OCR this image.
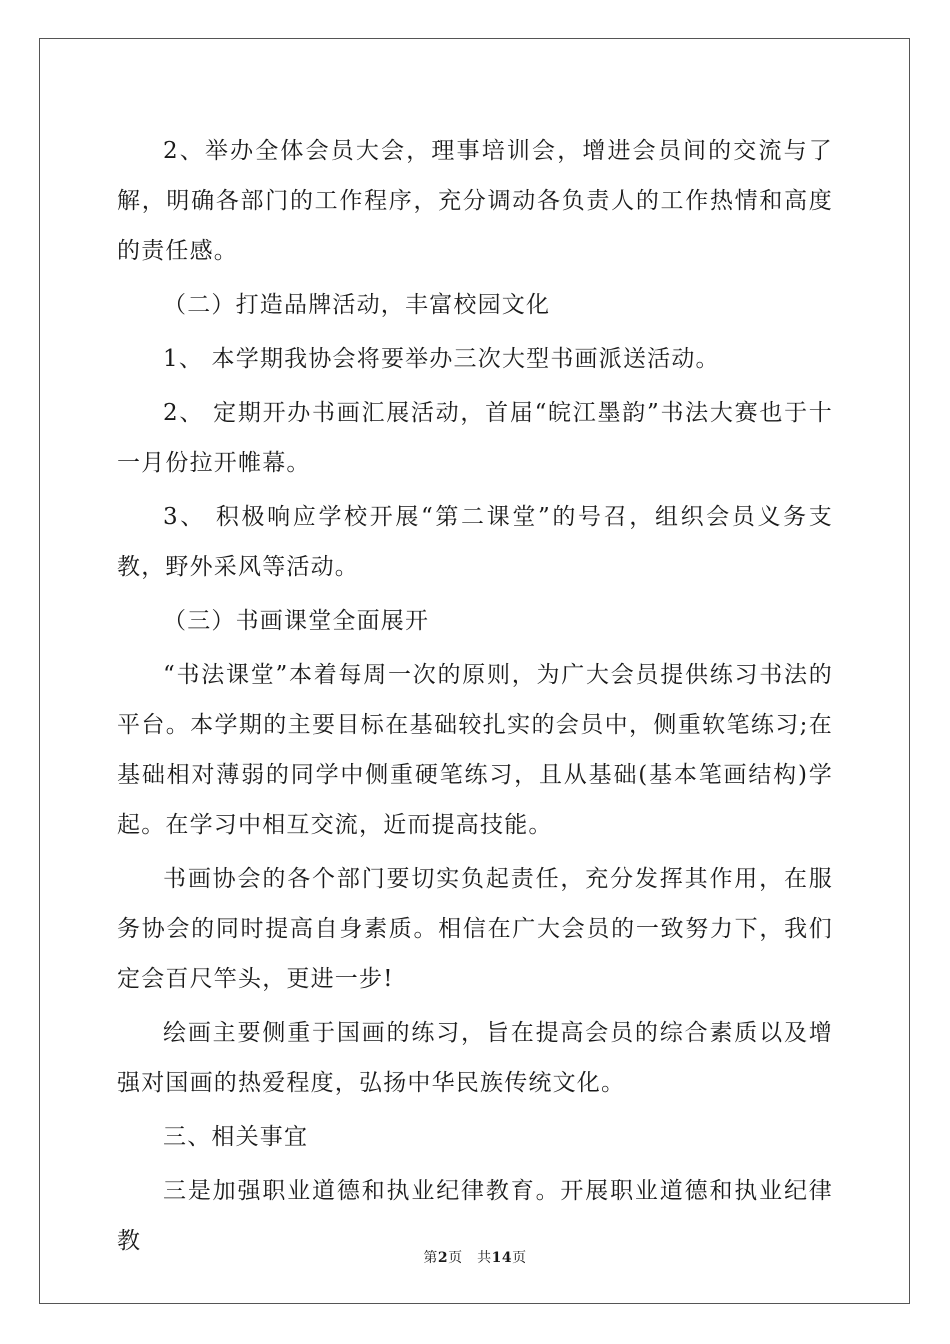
2、举办全体会员大会，理事培训会，增进会员间的交流与了解，明确各部门的工作程序，充分调动各负责人的工作热情和高度的责任感。

（二）打造品牌活动，丰富校园文化

1、 本学期我协会将要举办三次大型书画派送活动。

2、 定期开办书画汇展活动，首届“皖江墨韵”书法大赛也于十一月份拉开帷幕。

3、 积极响应学校开展“第二课堂”的号召，组织会员义务支教，野外采风等活动。

（三）书画课堂全面展开

“书法课堂”本着每周一次的原则，为广大会员提供练习书法的平台。本学期的主要目标在基础较扎实的会员中，侧重软笔练习;在基础相对薄弱的同学中侧重硬笔练习，且从基础(基本笔画结构)学起。在学习中相互交流，近而提高技能。

书画协会的各个部门要切实负起责任，充分发挥其作用，在服务协会的同时提高自身素质。相信在广大会员的一致努力下，我们定会百尺竿头，更进一步!

绘画主要侧重于国画的练习，旨在提高会员的综合素质以及增强对国画的热爱程度，弘扬中华民族传统文化。

三、相关事宜

三是加强职业道德和执业纪律教育。开展职业道德和执业纪律教

第2页　共14页
